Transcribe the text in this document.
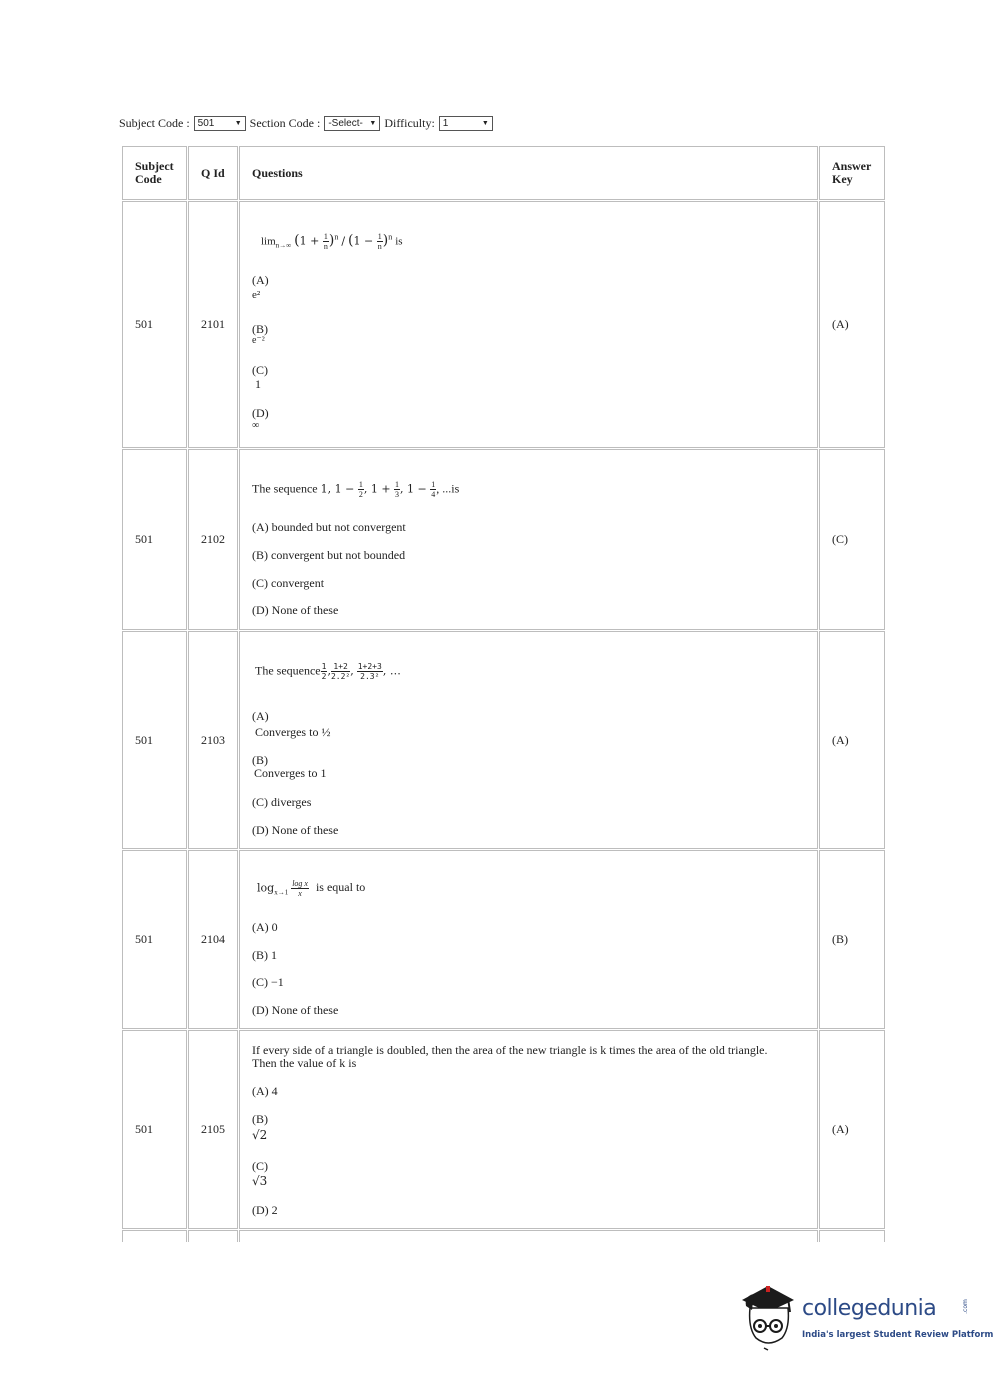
Subject Code : 501	▼ Section Code : -Select- ▼ Difficulty: 1	▼
Subject Code	Q Id Questions	Answer Key
501	2101
$\lim_{n\to\infty} (1 + \frac{1}{n} )^n / (1 - \frac{1}{n} )^n$ is
(A)
e²
(B)
e⁻²
(C)
1
(D)
∞
(A)
501	2102
The sequence 1, $1 - \frac{1}{2}$ , $1 + \frac{1}{3}$ , $1 - \frac{1}{4}$ , ...is
(A) bounded but not convergent
(B) convergent but not bounded
(C) convergent
(D) None of these
(C)
501	2103
The sequence $\frac{1}{2}$ , $\frac{1+2}{\text{2.2²}}$ , $\frac{1+2+3}{\text{2.3²}}$ , …
(A)
Converges to ½
(B)
Converges to 1
(C) diverges
(D) None of these
(A)
501	2104
$\log_{x\to 1} \frac{\text{log x}}{x}$ is equal to
(A) 0
(B) 1
(C) −1
(D) None of these
(B)
501	2105
If every side of a triangle is doubled, then the area of the new triangle is k times the area of the old triangle.
Then the value of k is
(A) 4
(B)
√2
(C)
√3
(D) 2
(A)
collegedunia	.com
India's largest Student Review Platform
